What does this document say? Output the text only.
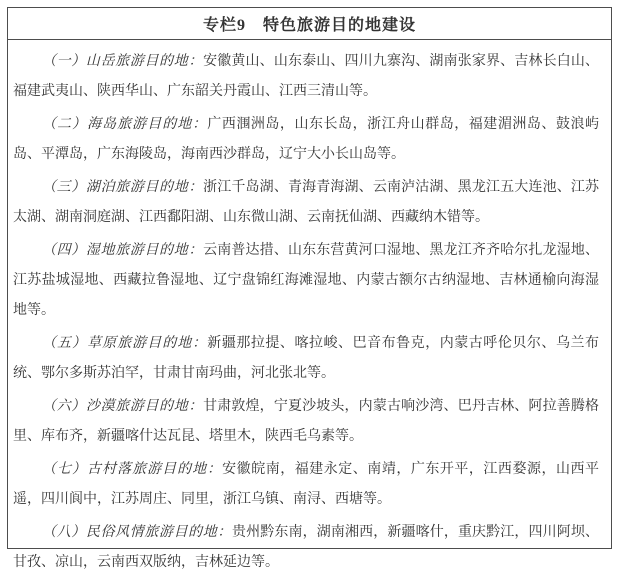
专栏9　特色旅游目的地建设

（一）山岳旅游目的地：安徽黄山、山东泰山、四川九寨沟、湖南张家界、吉林长白山、福建武夷山、陕西华山、广东韶关丹霞山、江西三清山等。

（二）海岛旅游目的地：广西涠洲岛，山东长岛，浙江舟山群岛，福建湄洲岛、鼓浪屿岛、平潭岛，广东海陵岛，海南西沙群岛，辽宁大小长山岛等。

（三）湖泊旅游目的地：浙江千岛湖、青海青海湖、云南泸沽湖、黑龙江五大连池、江苏太湖、湖南洞庭湖、江西鄱阳湖、山东微山湖、云南抚仙湖、西藏纳木错等。

（四）湿地旅游目的地：云南普达措、山东东营黄河口湿地、黑龙江齐齐哈尔扎龙湿地、江苏盐城湿地、西藏拉鲁湿地、辽宁盘锦红海滩湿地、内蒙古额尔古纳湿地、吉林通榆向海湿地等。

（五）草原旅游目的地：新疆那拉提、喀拉峻、巴音布鲁克，内蒙古呼伦贝尔、乌兰布统、鄂尔多斯苏泊罕，甘肃甘南玛曲，河北张北等。

（六）沙漠旅游目的地：甘肃敦煌，宁夏沙坡头，内蒙古响沙湾、巴丹吉林、阿拉善腾格里、库布齐，新疆喀什达瓦昆、塔里木，陕西毛乌素等。

（七）古村落旅游目的地：安徽皖南，福建永定、南靖，广东开平，江西婺源，山西平遥，四川阆中，江苏周庄、同里，浙江乌镇、南浔、西塘等。

（八）民俗风情旅游目的地：贵州黔东南，湖南湘西，新疆喀什，重庆黔江，四川阿坝、甘孜、凉山，云南西双版纳，吉林延边等。
